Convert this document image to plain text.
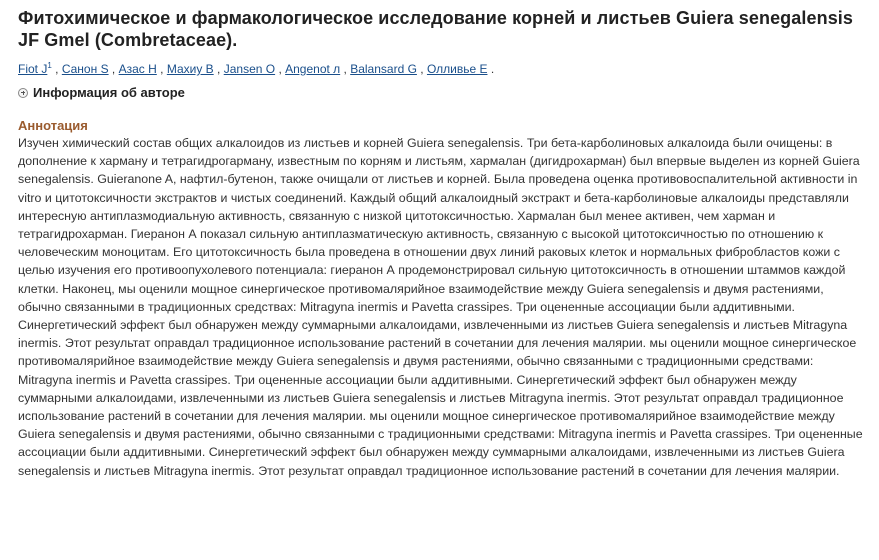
Фитохимическое и фармакологическое исследование корней и листьев Guiera senegalensis JF Gmel (Combretaceae).
Fiot $J^1$ , Санон S , Азас Н , Махиу В , Jansen О , Angenot л , Balansard G , Олливье Е .
Информация об авторе
Аннотация
Изучен химический состав общих алкалоидов из листьев и корней Guiera senegalensis. Три бета-карболиновых алкалоида были очищены: в дополнение к харману и тетрагидрогарману, известным по корням и листьям, хармалан (дигидрохарман) был впервые выделен из корней Guiera senegalensis. Guieranone A, нафтил-бутенон, также очищали от листьев и корней. Была проведена оценка противовоспалительной активности in vitro и цитотоксичности экстрактов и чистых соединений. Каждый общий алкалоидный экстракт и бета-карболиновые алкалоиды представляли интересную антиплазмодиальную активность, связанную с низкой цитотоксичностью. Хармалан был менее активен, чем харман и тетрагидрохарман. Гиеранон А показал сильную антиплазматическую активность, связанную с высокой цитотоксичностью по отношению к человеческим моноцитам. Его цитотоксичность была проведена в отношении двух линий раковых клеток и нормальных фибробластов кожи с целью изучения его противоопухолевого потенциала: гиеранон А продемонстрировал сильную цитотоксичность в отношении штаммов каждой клетки. Наконец, мы оценили мощное синергическое противомалярийное взаимодействие между Guiera senegalensis и двумя растениями, обычно связанными в традиционных средствах: Mitragyna inermis и Pavetta crassipes. Три оцененные ассоциации были аддитивными. Синергетический эффект был обнаружен между суммарными алкалоидами, извлеченными из листьев Guiera senegalensis и листьев Mitragyna inermis. Этот результат оправдал традиционное использование растений в сочетании для лечения малярии. мы оценили мощное синергическое противомалярийное взаимодействие между Guiera senegalensis и двумя растениями, обычно связанными с традиционными средствами: Mitragyna inermis и Pavetta crassipes. Три оцененные ассоциации были аддитивными. Синергетический эффект был обнаружен между суммарными алкалоидами, извлеченными из листьев Guiera senegalensis и листьев Mitragyna inermis. Этот результат оправдал традиционное использование растений в сочетании для лечения малярии. мы оценили мощное синергическое противомалярийное взаимодействие между Guiera senegalensis и двумя растениями, обычно связанными с традиционными средствами: Mitragyna inermis и Pavetta crassipes. Три оцененные ассоциации были аддитивными. Синергетический эффект был обнаружен между суммарными алкалоидами, извлеченными из листьев Guiera senegalensis и листьев Mitragyna inermis. Этот результат оправдал традиционное использование растений в сочетании для лечения малярии.
